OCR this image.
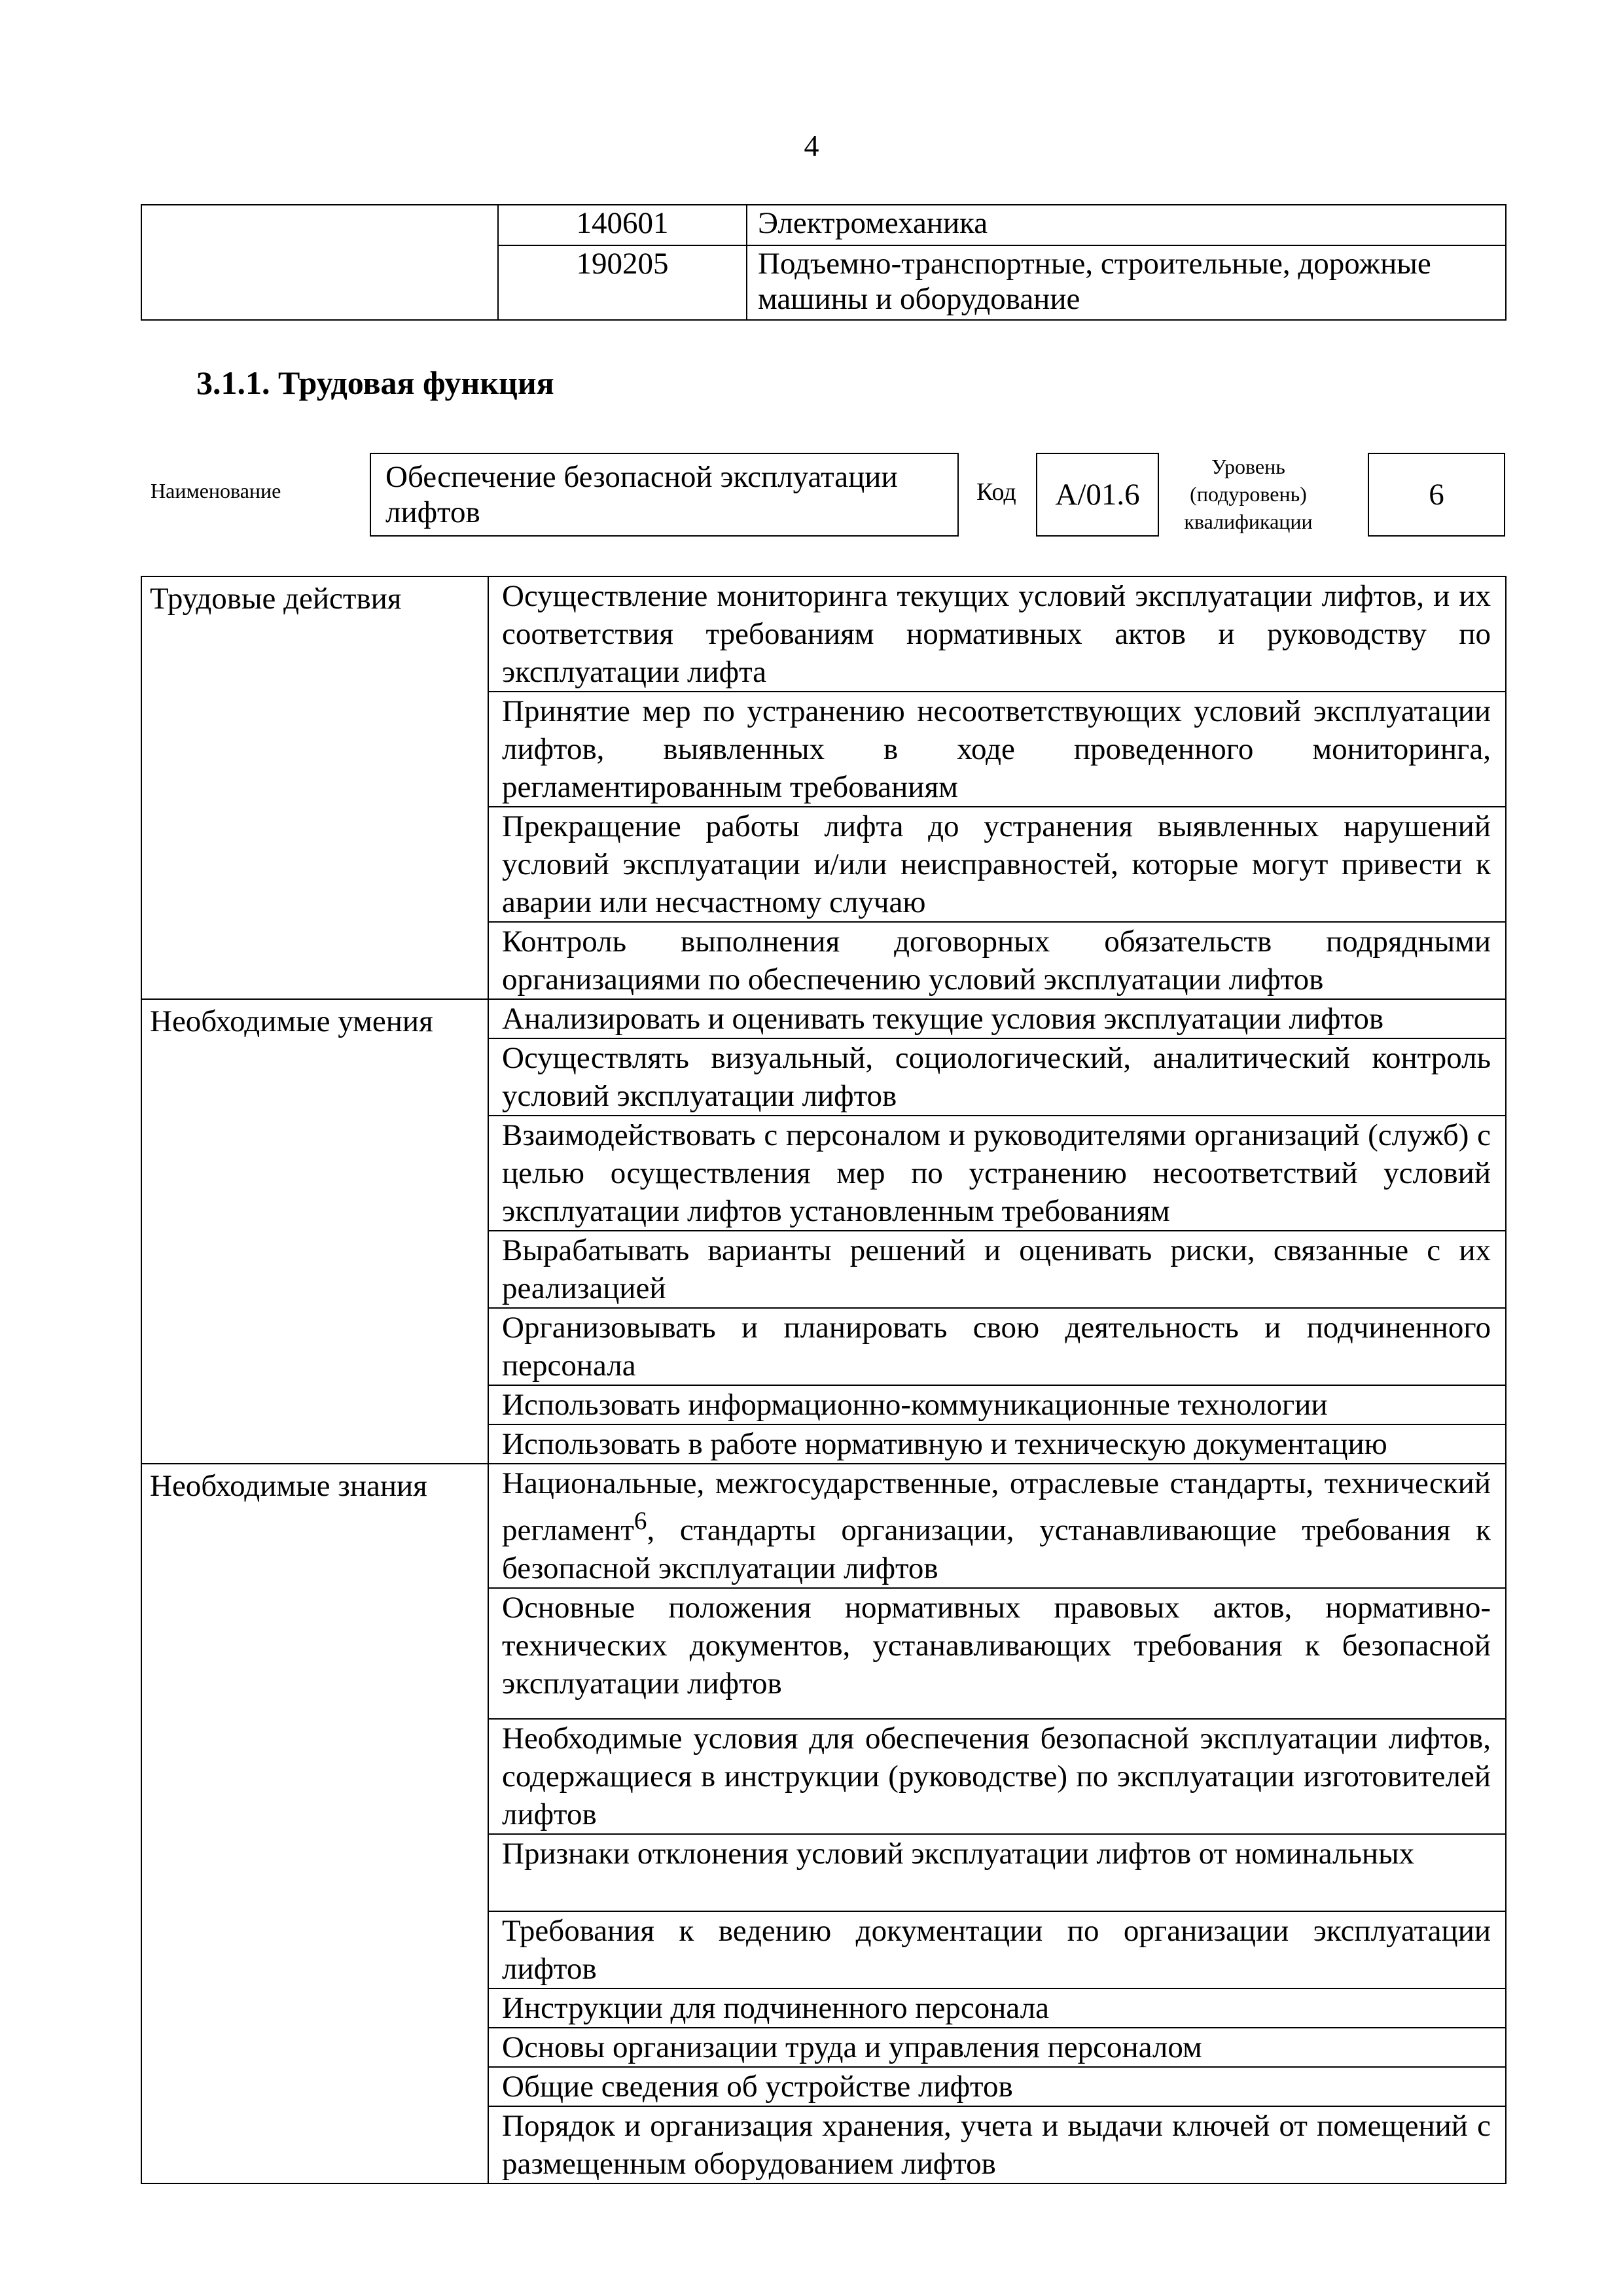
4
	140601	Электромеханика
	190205	Подъемно-транспортные, строительные, дорожные машины и оборудование
3.1.1. Трудовая функция
Наименование	Обеспечение безопасной эксплуатации лифтов
Код	A/01.6
Уровень
(подуровень)
квалификации
6
Трудовые действия	Осуществление мониторинга текущих условий эксплуатации лифтов, и их соответствия требованиям нормативных актов и руководству по эксплуатации лифта
	Принятие мер по устранению несоответствующих условий эксплуатации лифтов, выявленных в ходе проведенного мониторинга, регламентированным требованиям
	Прекращение работы лифта до устранения выявленных нарушений условий эксплуатации и/или неисправностей, которые могут привести к аварии или несчастному случаю
	Контроль выполнения договорных обязательств подрядными организациями по обеспечению условий эксплуатации лифтов
Необходимые умения	Анализировать и оценивать текущие условия эксплуатации лифтов
	Осуществлять визуальный, социологический, аналитический контроль условий эксплуатации лифтов
	Взаимодействовать с персоналом и руководителями организаций (служб) с целью осуществления мер по устранению несоответствий условий эксплуатации лифтов установленным требованиям
	Вырабатывать варианты решений и оценивать риски, связанные с их реализацией
	Организовывать и планировать свою деятельность и подчиненного персонала
	Использовать информационно-коммуникационные технологии
	Использовать в работе нормативную и техническую документацию
Необходимые знания	Национальные, межгосударственные, отраслевые стандарты, технический регламент$^6$, стандарты организации, устанавливающие требования к безопасной эксплуатации лифтов
	Основные положения нормативных правовых актов, нормативно-технических документов, устанавливающих требования к безопасной эксплуатации лифтов
	Необходимые условия для обеспечения безопасной эксплуатации лифтов, содержащиеся в инструкции (руководстве) по эксплуатации изготовителей лифтов
	Признаки отклонения условий эксплуатации лифтов от номинальных
	Требования к ведению документации по организации эксплуатации лифтов
	Инструкции для подчиненного персонала
	Основы организации труда и управления персоналом
	Общие сведения об устройстве лифтов
	Порядок и организация хранения, учета и выдачи ключей от помещений с размещенным оборудованием лифтов
